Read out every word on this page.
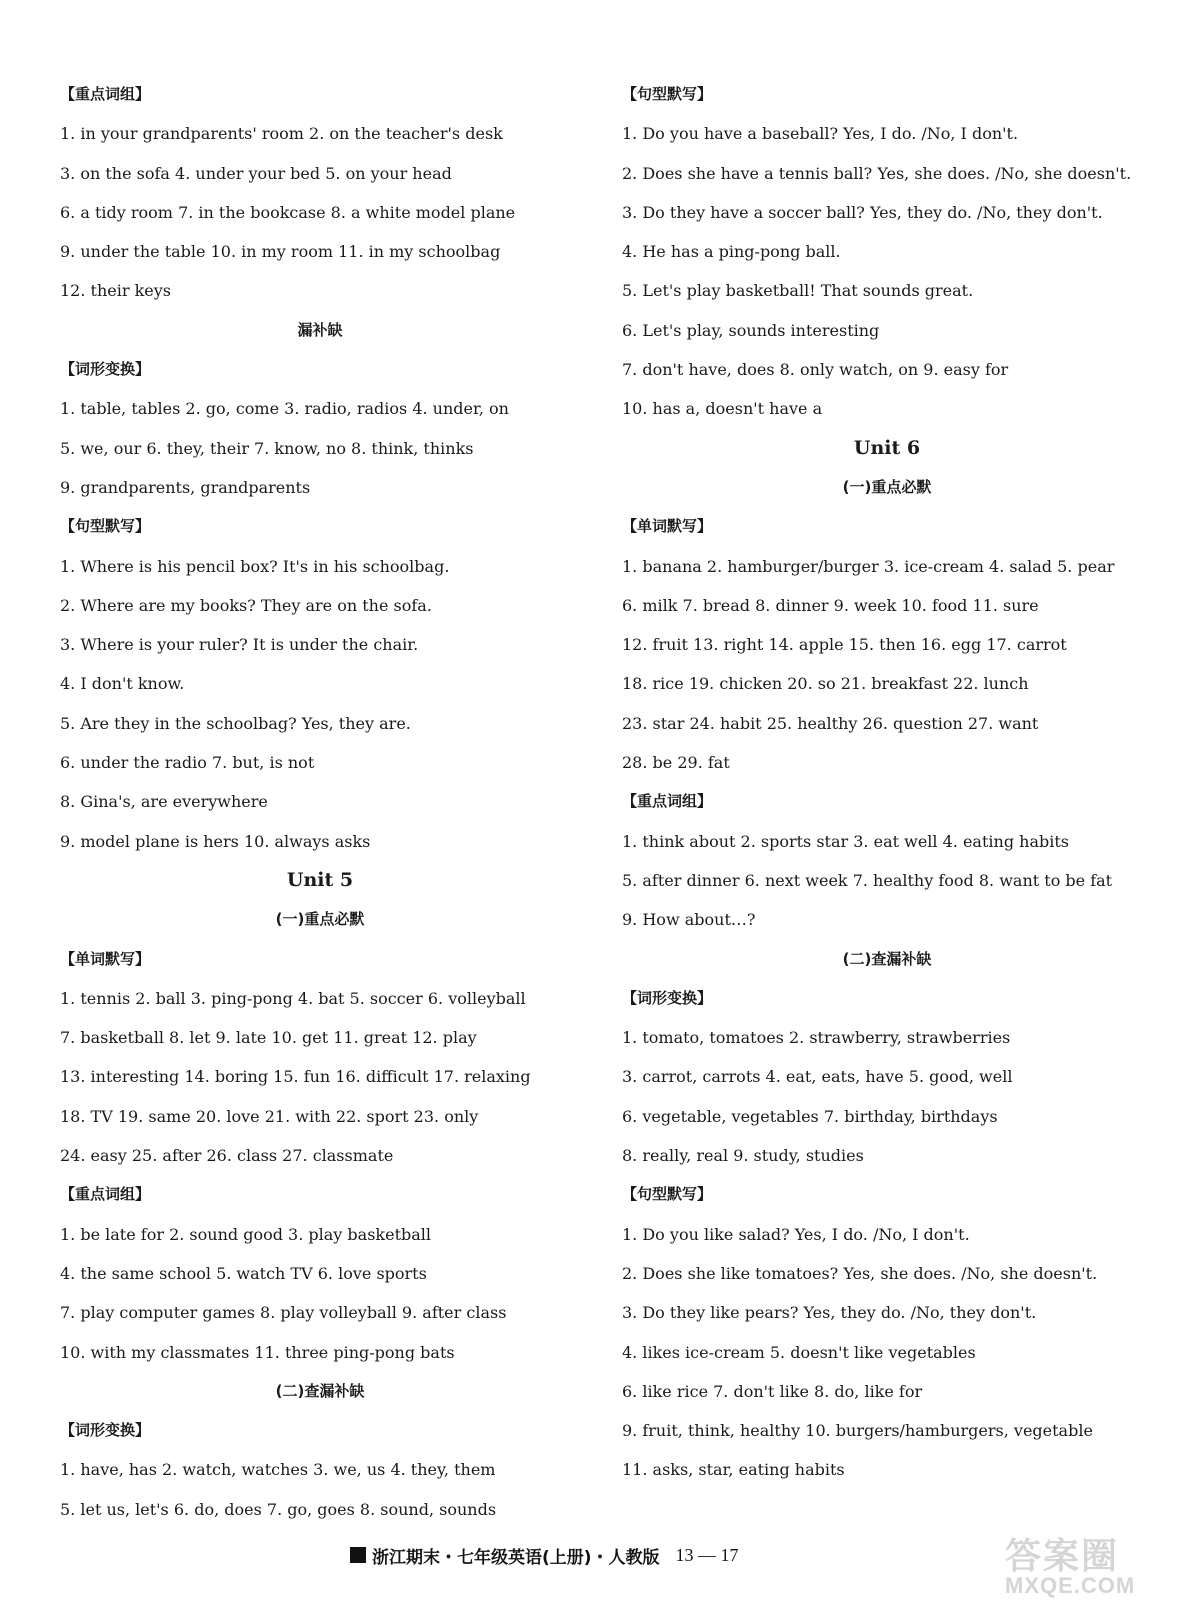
【重点词组】
1. in your grandparents' room 2. on the teacher's desk
3. on the sofa 4. under your bed 5. on your head
6. a tidy room 7. in the bookcase 8. a white model plane
9. under the table 10. in my room 11. in my schoolbag
12. their keys
漏补缺
【词形变换】
1. table, tables 2. go, come 3. radio, radios 4. under, on
5. we, our 6. they, their 7. know, no 8. think, thinks
9. grandparents, grandparents
【句型默写】
1. Where is his pencil box? It's in his schoolbag.
2. Where are my books? They are on the sofa.
3. Where is your ruler? It is under the chair.
4. I don't know.
5. Are they in the schoolbag? Yes, they are.
6. under the radio 7. but, is not
8. Gina's, are everywhere
9. model plane is hers 10. always asks
Unit 5
(一)重点必默
【单词默写】
1. tennis 2. ball 3. ping-pong 4. bat 5. soccer 6. volleyball
7. basketball 8. let 9. late 10. get 11. great 12. play
13. interesting 14. boring 15. fun 16. difficult 17. relaxing
18. TV 19. same 20. love 21. with 22. sport 23. only
24. easy 25. after 26. class 27. classmate
【重点词组】
1. be late for 2. sound good 3. play basketball
4. the same school 5. watch TV 6. love sports
7. play computer games 8. play volleyball 9. after class
10. with my classmates 11. three ping-pong bats
(二)查漏补缺
【词形变换】
1. have, has 2. watch, watches 3. we, us 4. they, them
5. let us, let's 6. do, does 7. go, goes 8. sound, sounds
【句型默写】
1. Do you have a baseball? Yes, I do. /No, I don't.
2. Does she have a tennis ball? Yes, she does. /No, she doesn't.
3. Do they have a soccer ball? Yes, they do. /No, they don't.
4. He has a ping-pong ball.
5. Let's play basketball! That sounds great.
6. Let's play, sounds interesting
7. don't have, does 8. only watch, on 9. easy for
10. has a, doesn't have a
Unit 6
(一)重点必默
【单词默写】
1. banana 2. hamburger/burger 3. ice-cream 4. salad 5. pear
6. milk 7. bread 8. dinner 9. week 10. food 11. sure
12. fruit 13. right 14. apple 15. then 16. egg 17. carrot
18. rice 19. chicken 20. so 21. breakfast 22. lunch
23. star 24. habit 25. healthy 26. question 27. want
28. be 29. fat
【重点词组】
1. think about 2. sports star 3. eat well 4. eating habits
5. after dinner 6. next week 7. healthy food 8. want to be fat
9. How about…?
(二)查漏补缺
【词形变换】
1. tomato, tomatoes 2. strawberry, strawberries
3. carrot, carrots 4. eat, eats, have 5. good, well
6. vegetable, vegetables 7. birthday, birthdays
8. really, real 9. study, studies
【句型默写】
1. Do you like salad? Yes, I do. /No, I don't.
2. Does she like tomatoes? Yes, she does. /No, she doesn't.
3. Do they like pears? Yes, they do. /No, they don't.
4. likes ice-cream 5. doesn't like vegetables
6. like rice 7. don't like 8. do, like for
9. fruit, think, healthy 10. burgers/hamburgers, vegetable
11. asks, star, eating habits
浙江期末・七年级英语(上册)・人教版 13 — 17	答案圈
MXQE.COM
